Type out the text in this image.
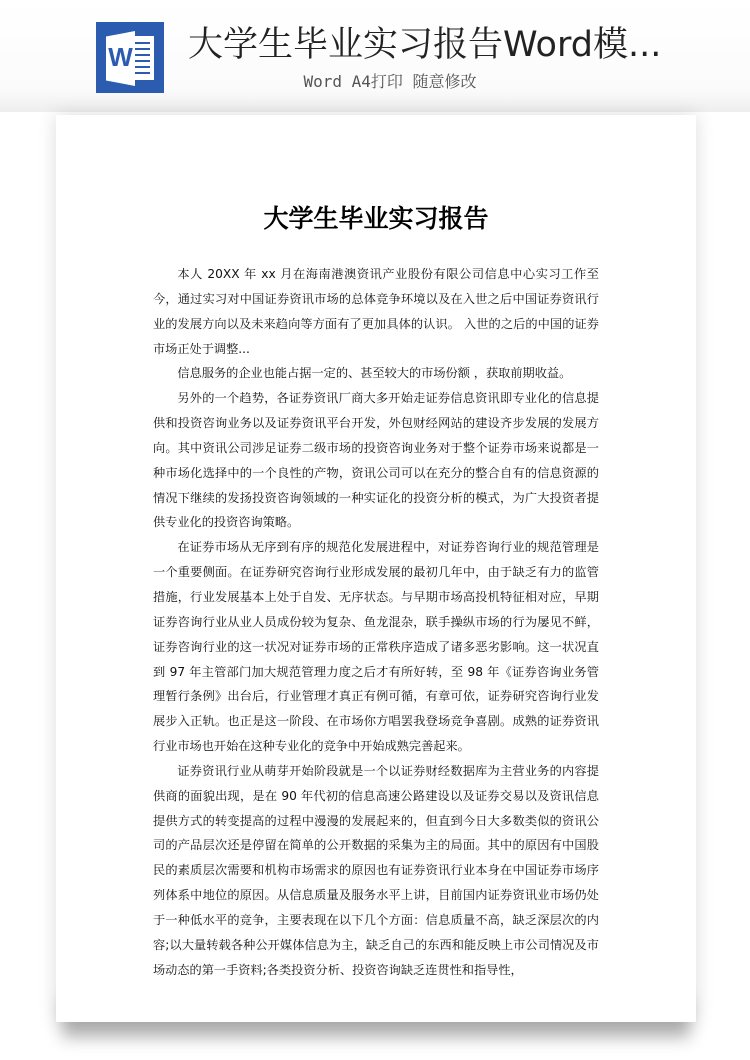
W 大学生毕业实习报告Word模...
Word A4打印 随意修改
大学生毕业实习报告

本人 20XX 年 xx 月在海南港澳资讯产业股份有限公司信息中心实习工作至今，通过实习对中国证券资讯市场的总体竞争环境以及在入世之后中国证券资讯行业的发展方向以及未来趋向等方面有了更加具体的认识。 入世的之后的中国的证券市场正处于调整...

信息服务的企业也能占据一定的、甚至较大的市场份额 ，获取前期收益。

另外的一个趋势，各证券资讯厂商大多开始走证券信息资讯即专业化的信息提供和投资咨询业务以及证券资讯平台开发，外包财经网站的建设齐步发展的发展方向。其中资讯公司涉足证券二级市场的投资咨询业务对于整个证券市场来说都是一种市场化选择中的一个良性的产物，资讯公司可以在充分的整合自有的信息资源的情况下继续的发扬投资咨询领域的一种实证化的投资分析的模式，为广大投资者提供专业化的投资咨询策略。

在证券市场从无序到有序的规范化发展进程中，对证券咨询行业的规范管理是一个重要侧面。在证券研究咨询行业形成发展的最初几年中，由于缺乏有力的监管措施，行业发展基本上处于自发、无序状态。与早期市场高投机特征相对应，早期证券咨询行业从业人员成份较为复杂、鱼龙混杂，联手操纵市场的行为屡见不鲜，证券咨询行业的这一状况对证券市场的正常秩序造成了诸多恶劣影响。这一状况直到 97 年主管部门加大规范管理力度之后才有所好转，至 98 年《证券咨询业务管理暂行条例》出台后，行业管理才真正有例可循，有章可依，证券研究咨询行业发展步入正轨。也正是这一阶段、在市场你方唱罢我登场竞争喜剧。成熟的证券资讯行业市场也开始在这种专业化的竞争中开始成熟完善起来。

证券资讯行业从萌芽开始阶段就是一个以证券财经数据库为主营业务的内容提供商的面貌出现，是在 90 年代初的信息高速公路建设以及证券交易以及资讯信息提供方式的转变提高的过程中漫漫的发展起来的，但直到今日大多数类似的资讯公司的产品层次还是停留在简单的公开数据的采集为主的局面。其中的原因有中国股民的素质层次需要和机构市场需求的原因也有证券资讯行业本身在中国证券市场序列体系中地位的原因。从信息质量及服务水平上讲，目前国内证券资讯业市场仍处于一种低水平的竞争，主要表现在以下几个方面：信息质量不高，缺乏深层次的内容;以大量转载各种公开媒体信息为主，缺乏自己的东西和能反映上市公司情况及市场动态的第一手资料;各类投资分析、投资咨询缺乏连贯性和指导性，
